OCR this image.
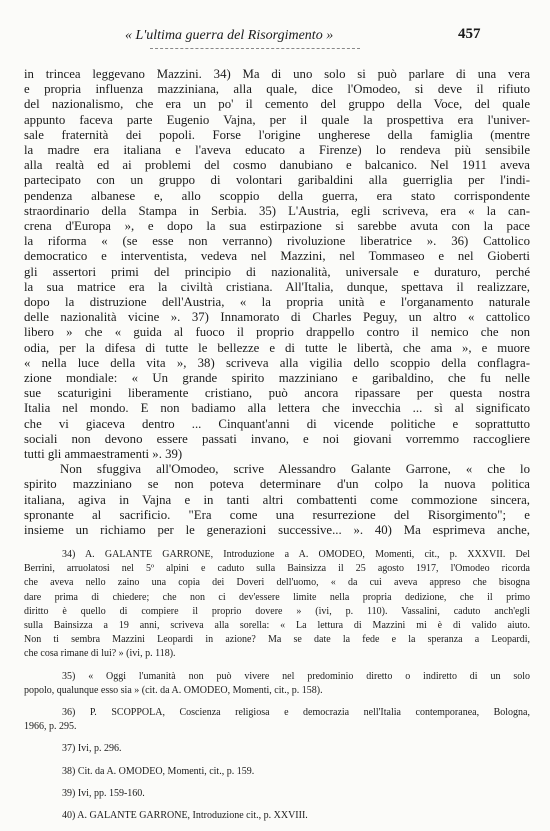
« L'ultima guerra del Risorgimento »	457
in trincea leggevano Mazzini. 34) Ma di uno solo si può parlare di una vera
e propria influenza mazziniana, alla quale, dice l'Omodeo, si deve il rifiuto
del nazionalismo, che era un po' il cemento del gruppo della Voce, del quale
appunto faceva parte Eugenio Vajna, per il quale la prospettiva era l'univer-
sale fraternità dei popoli. Forse l'origine ungherese della famiglia (mentre
la madre era italiana e l'aveva educato a Firenze) lo rendeva più sensibile
alla realtà ed ai problemi del cosmo danubiano e balcanico. Nel 1911 aveva
partecipato con un gruppo di volontari garibaldini alla guerriglia per l'indi-
pendenza albanese e, allo scoppio della guerra, era stato corrispondente
straordinario della Stampa in Serbia. 35) L'Austria, egli scriveva, era « la can-
crena d'Europa », e dopo la sua estirpazione si sarebbe avuta con la pace
la riforma « (se esse non verranno) rivoluzione liberatrice ». 36) Cattolico
democratico e interventista, vedeva nel Mazzini, nel Tommaseo e nel Gioberti
gli assertori primi del principio di nazionalità, universale e duraturo, perché
la sua matrice era la civiltà cristiana. All'Italia, dunque, spettava il realizzare,
dopo la distruzione dell'Austria, « la propria unità e l'organamento naturale
delle nazionalità vicine ». 37) Innamorato di Charles Peguy, un altro « cattolico
libero » che « guida al fuoco il proprio drappello contro il nemico che non
odia, per la difesa di tutte le bellezze e di tutte le libertà, che ama », e muore
« nella luce della vita », 38) scriveva alla vigilia dello scoppio della conflagra-
zione mondiale: « Un grande spirito mazziniano e garibaldino, che fu nelle
sue scaturigini liberamente cristiano, può ancora ripassare per questa nostra
Italia nel mondo. E non badiamo alla lettera che invecchia ... sì al significato
che vi giaceva dentro ... Cinquant'anni di vicende politiche e soprattutto
sociali non devono essere passati invano, e noi giovani vorremmo raccogliere
tutti gli ammaestramenti ». 39)
Non sfuggiva all'Omodeo, scrive Alessandro Galante Garrone, « che lo
spirito mazziniano se non poteva determinare d'un colpo la nuova politica
italiana, agiva in Vajna e in tanti altri combattenti come commozione sincera,
spronante al sacrificio. "Era come una resurrezione del Risorgimento"; e
insieme un richiamo per le generazioni successive... ». 40) Ma esprimeva anche,
34) A. GALANTE GARRONE, Introduzione a A. OMODEO, Momenti, cit., p. XXXVII. Del
Berrini, arruolatosi nel 5º alpini e caduto sulla Bainsizza il 25 agosto 1917, l'Omodeo ricorda
che aveva nello zaino una copia dei Doveri dell'uomo, « da cui aveva appreso che bisogna
dare prima di chiedere; che non ci dev'essere limite nella propria dedizione, che il primo
diritto è quello di compiere il proprio dovere » (ivi, p. 110). Vassalini, caduto anch'egli
sulla Bainsizza a 19 anni, scriveva alla sorella: « La lettura di Mazzini mi è di valido aiuto.
Non ti sembra Mazzini Leopardi in azione? Ma se date la fede e la speranza a Leopardi,
che cosa rimane di lui? » (ivi, p. 118).
35) « Oggi l'umanità non può vivere nel predominio diretto o indiretto di un solo
popolo, qualunque esso sia » (cit. da A. OMODEO, Momenti, cit., p. 158).
36) P. SCOPPOLA, Coscienza religiosa e democrazia nell'Italia contemporanea, Bologna,
1966, p. 295.
37) Ivi, p. 296.
38) Cit. da A. OMODEO, Momenti, cit., p. 159.
39) Ivi, pp. 159-160.
40) A. GALANTE GARRONE, Introduzione cit., p. XXVIII.
